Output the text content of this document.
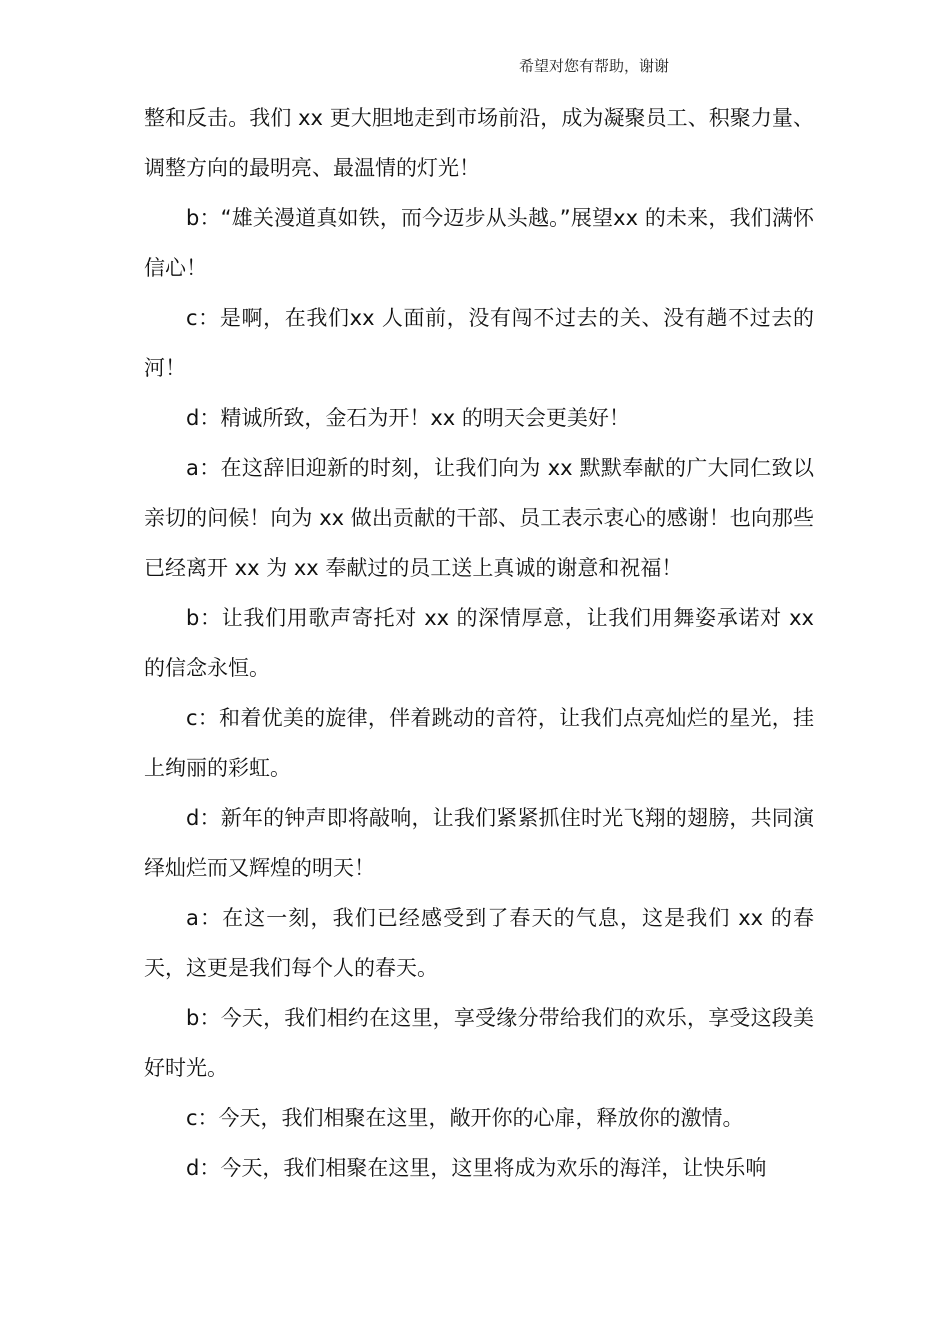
希望对您有帮助，谢谢

整和反击。我们 xx 更大胆地走到市场前沿，成为凝聚员工、积聚力量、调整方向的最明亮、最温情的灯光！

b：“雄关漫道真如铁，而今迈步从头越。”展望xx 的未来，我们满怀信心！

c：是啊，在我们xx 人面前，没有闯不过去的关、没有趟不过去的河！

d：精诚所致，金石为开！xx 的明天会更美好！

a：在这辞旧迎新的时刻，让我们向为 xx 默默奉献的广大同仁致以亲切的问候！向为 xx 做出贡献的干部、员工表示衷心的感谢！也向那些已经离开 xx 为 xx 奉献过的员工送上真诚的谢意和祝福！

b：让我们用歌声寄托对 xx 的深情厚意，让我们用舞姿承诺对 xx 的信念永恒。

c：和着优美的旋律，伴着跳动的音符，让我们点亮灿烂的星光，挂上绚丽的彩虹。

d：新年的钟声即将敲响，让我们紧紧抓住时光飞翔的翅膀，共同演绎灿烂而又辉煌的明天！

a：在这一刻，我们已经感受到了春天的气息，这是我们 xx 的春天，这更是我们每个人的春天。

b：今天，我们相约在这里，享受缘分带给我们的欢乐，享受这段美好时光。

c：今天，我们相聚在这里，敞开你的心扉，释放你的激情。

d：今天，我们相聚在这里，这里将成为欢乐的海洋，让快乐响
